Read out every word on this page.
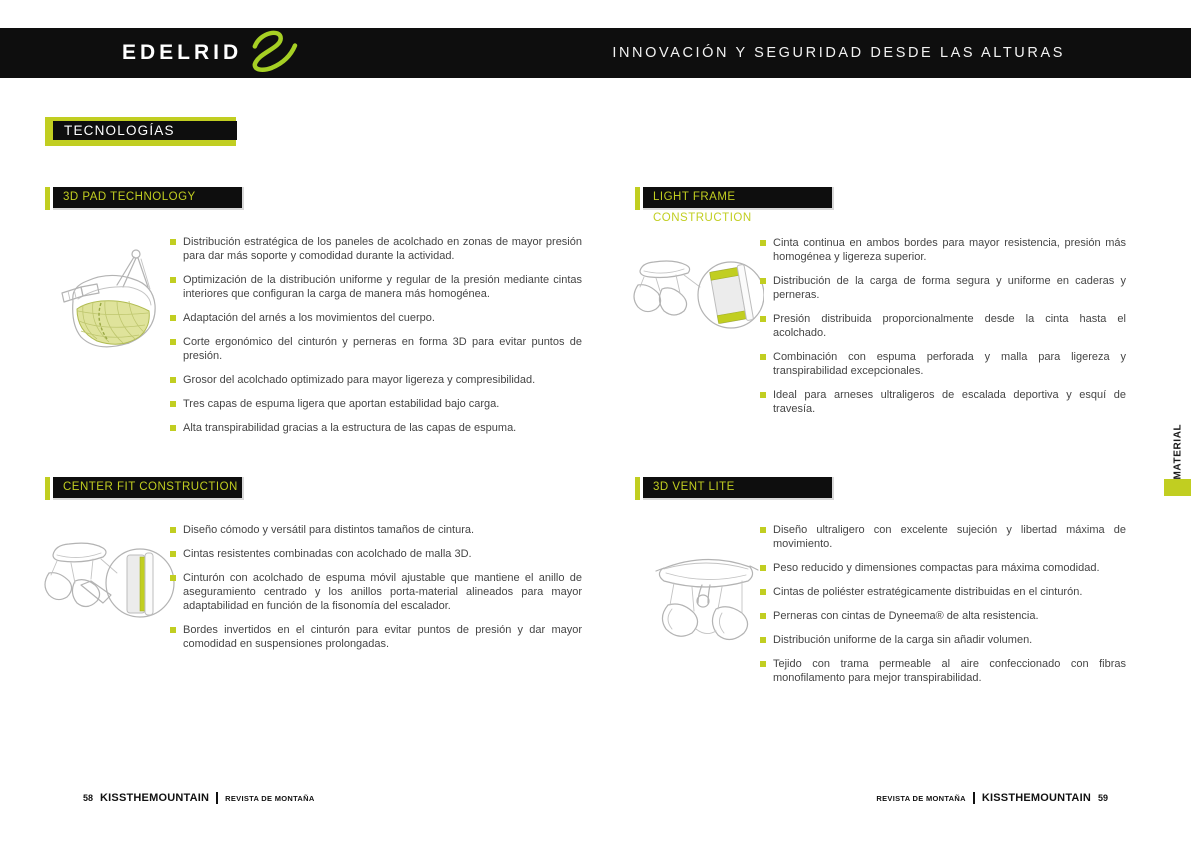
EDELRID	INNOVACIÓN Y SEGURIDAD DESDE LAS ALTURAS
TECNOLOGÍAS
3D PAD TECHNOLOGY
Distribución estratégica de los paneles de acolchado en zonas de mayor presión para dar más soporte y comodidad durante la actividad.
Optimización de la distribución uniforme y regular de la presión mediante cintas interiores que configuran la carga de manera más homogénea.
Adaptación del arnés a los movimientos del cuerpo.
Corte ergonómico del cinturón y perneras en forma 3D para evitar puntos de presión.
Grosor del acolchado optimizado para mayor ligereza y compresibilidad.
Tres capas de espuma ligera que aportan estabilidad bajo carga.
Alta transpirabilidad gracias a la estructura de las capas de espuma.
LIGHT FRAME CONSTRUCTION
Cinta continua en ambos bordes para mayor resistencia, presión más homogénea y ligereza superior.
Distribución de la carga de forma segura y uniforme en caderas y perneras.
Presión distribuida proporcionalmente desde la cinta hasta el acolchado.
Combinación con espuma perforada y malla para ligereza y transpirabilidad excepcionales.
Ideal para arneses ultraligeros de escalada deportiva y esquí de travesía.
CENTER FIT CONSTRUCTION
Diseño cómodo y versátil para distintos tamaños de cintura.
Cintas resistentes combinadas con acolchado de malla 3D.
Cinturón con acolchado de espuma móvil ajustable que mantiene el anillo de aseguramiento centrado y los anillos porta-material alineados para mayor adaptabilidad en función de la fisonomía del escalador.
Bordes invertidos en el cinturón para evitar puntos de presión y dar mayor comodidad en suspensiones prolongadas.
3D VENT LITE
Diseño ultraligero con excelente sujeción y libertad máxima de movimiento.
Peso reducido y dimensiones compactas para máxima comodidad.
Cintas de poliéster estratégicamente distribuidas en el cinturón.
Perneras con cintas de Dyneema® de alta resistencia.
Distribución uniforme de la carga sin añadir volumen.
Tejido con trama permeable al aire confeccionado con fibras monofilamento para mejor transpirabilidad.
MATERIAL
58 KISSTHEMOUNTAIN REVISTA DE MONTAÑA	REVISTA DE MONTAÑA KISSTHEMOUNTAIN 59
